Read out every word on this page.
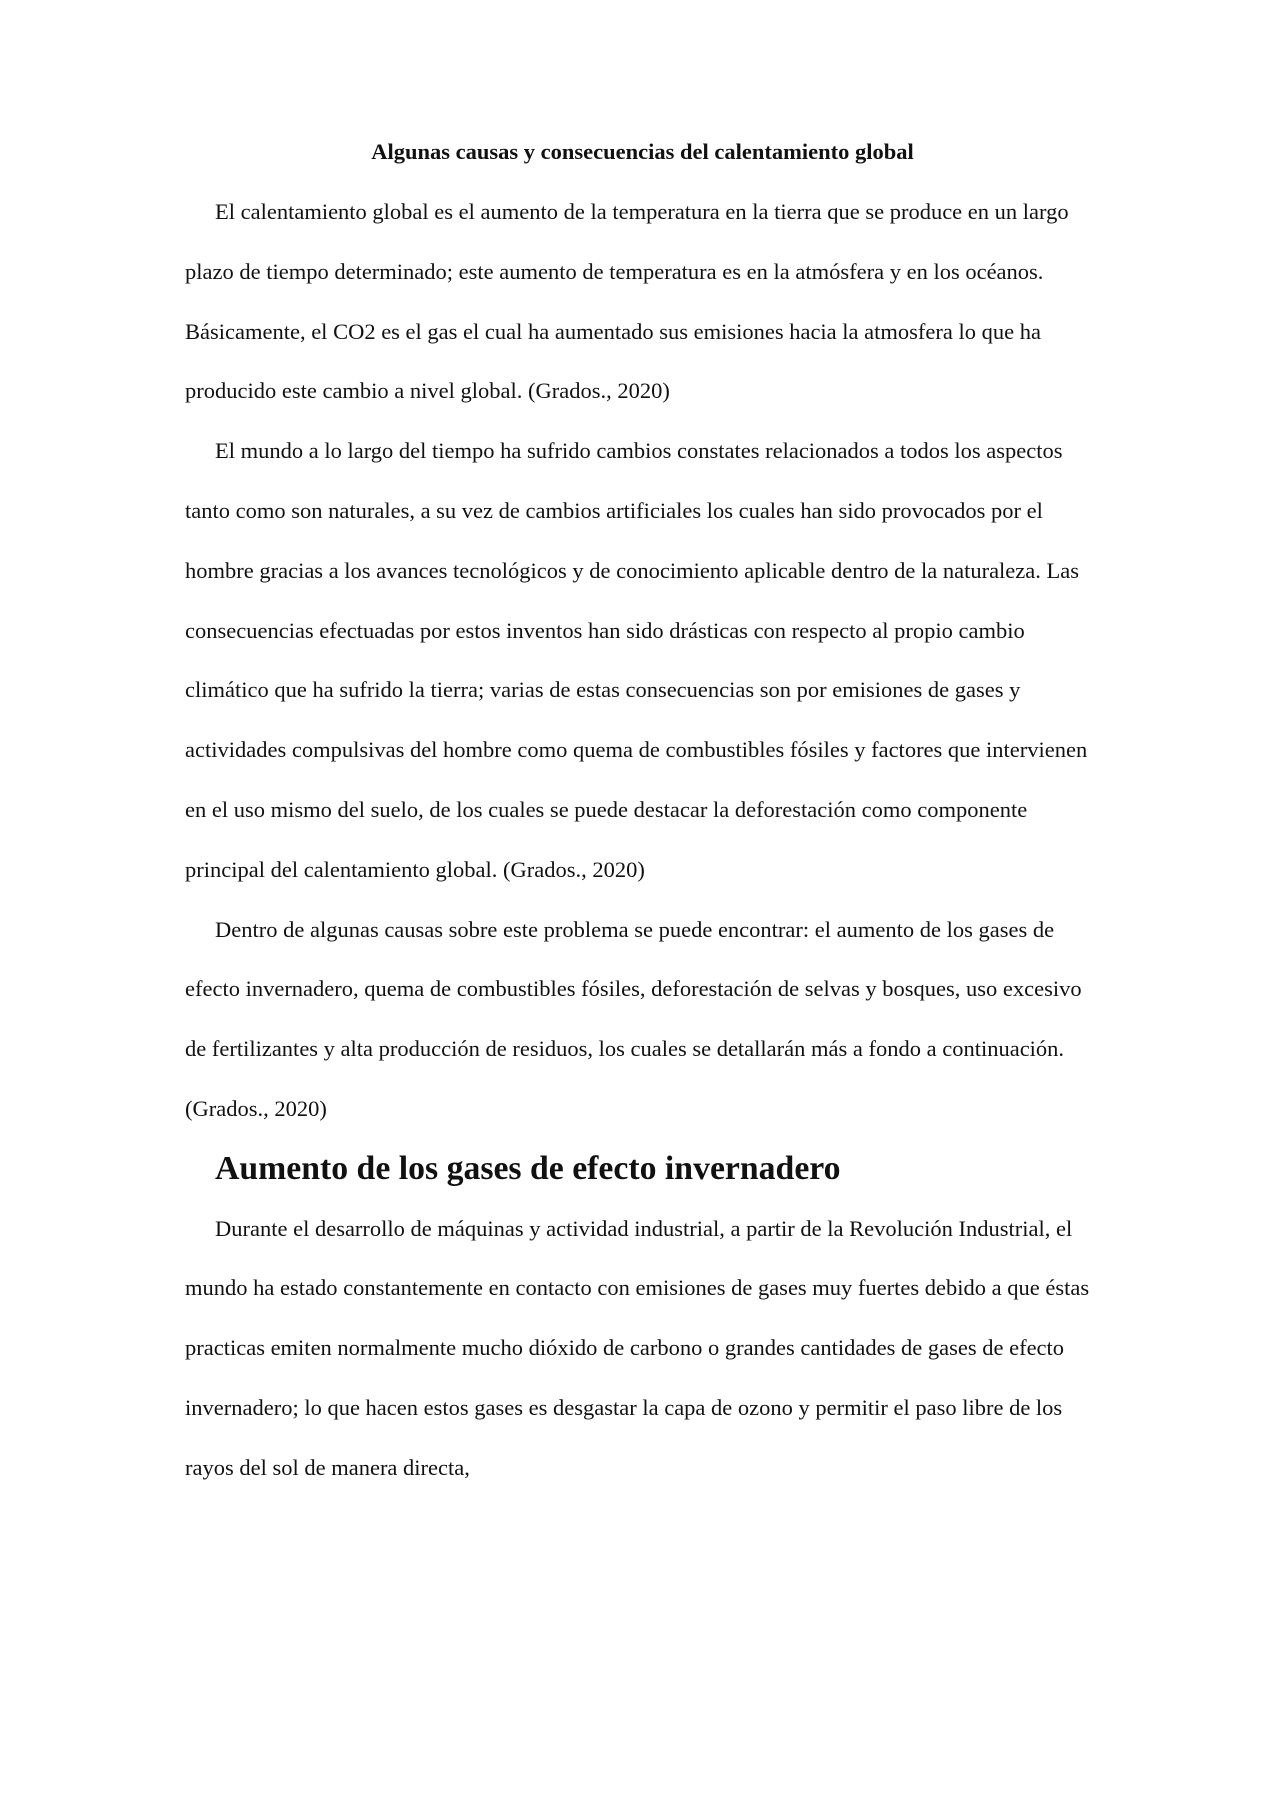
Algunas causas y consecuencias del calentamiento global

El calentamiento global es el aumento de la temperatura en la tierra que se produce en un largo plazo de tiempo determinado; este aumento de temperatura es en la atmósfera y en los océanos. Básicamente, el CO2 es el gas el cual ha aumentado sus emisiones hacia la atmosfera lo que ha producido este cambio a nivel global. (Grados., 2020)

El mundo a lo largo del tiempo ha sufrido cambios constates relacionados a todos los aspectos tanto como son naturales, a su vez de cambios artificiales los cuales han sido provocados por el hombre gracias a los avances tecnológicos y de conocimiento aplicable dentro de la naturaleza. Las consecuencias efectuadas por estos inventos han sido drásticas con respecto al propio cambio climático que ha sufrido la tierra; varias de estas consecuencias son por emisiones de gases y actividades compulsivas del hombre como quema de combustibles fósiles y factores que intervienen en el uso mismo del suelo, de los cuales se puede destacar la deforestación como componente principal del calentamiento global. (Grados., 2020)

Dentro de algunas causas sobre este problema se puede encontrar: el aumento de los gases de efecto invernadero, quema de combustibles fósiles, deforestación de selvas y bosques, uso excesivo de fertilizantes y alta producción de residuos, los cuales se detallarán más a fondo a continuación. (Grados., 2020)

Aumento de los gases de efecto invernadero

Durante el desarrollo de máquinas y actividad industrial, a partir de la Revolución Industrial, el mundo ha estado constantemente en contacto con emisiones de gases muy fuertes debido a que éstas practicas emiten normalmente mucho dióxido de carbono o grandes cantidades de gases de efecto invernadero; lo que hacen estos gases es desgastar la capa de ozono y permitir el paso libre de los rayos del sol de manera directa,
